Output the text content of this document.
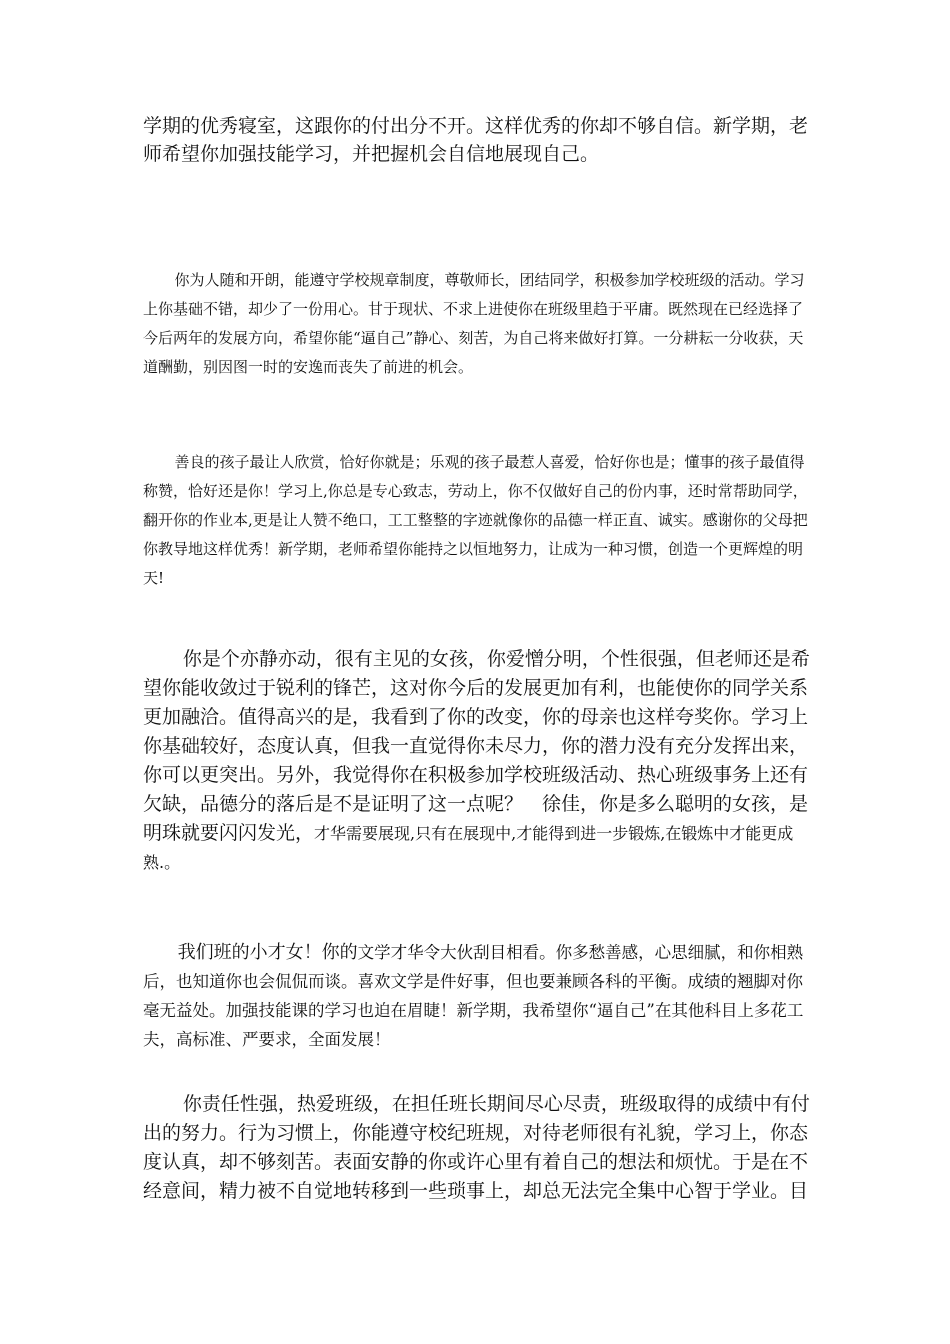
学期的优秀寝室，这跟你的付出分不开。这样优秀的你却不够自信。新学期，老师希望你加强技能学习，并把握机会自信地展现自己。

你为人随和开朗，能遵守学校规章制度，尊敬师长，团结同学，积极参加学校班级的活动。学习上你基础不错，却少了一份用心。甘于现状、不求上进使你在班级里趋于平庸。既然现在已经选择了今后两年的发展方向，希望你能“逼自己”静心、刻苦，为自己将来做好打算。一分耕耘一分收获，天道酬勤，别因图一时的安逸而丧失了前进的机会。

善良的孩子最让人欣赏，恰好你就是；乐观的孩子最惹人喜爱，恰好你也是；懂事的孩子最值得称赞，恰好还是你！学习上,你总是专心致志，劳动上，你不仅做好自己的份内事，还时常帮助同学，翻开你的作业本,更是让人赞不绝口，工工整整的字迹就像你的品德一样正直、诚实。感谢你的父母把你教导地这样优秀！新学期，老师希望你能持之以恒地努力，让成为一种习惯，创造一个更辉煌的明天!

你是个亦静亦动，很有主见的女孩，你爱憎分明，个性很强，但老师还是希望你能收敛过于锐利的锋芒，这对你今后的发展更加有利，也能使你的同学关系更加融洽。值得高兴的是，我看到了你的改变，你的母亲也这样夸奖你。学习上你基础较好，态度认真，但我一直觉得你未尽力，你的潜力没有充分发挥出来，你可以更突出。另外，我觉得你在积极参加学校班级活动、热心班级事务上还有欠缺，品德分的落后是不是证明了这一点呢？　徐佳，你是多么聪明的女孩，是明珠就要闪闪发光，才华需要展现,只有在展现中,才能得到进一步锻炼,在锻炼中才能更成熟.。

我们班的小才女！你的文学才华令大伙刮目相看。你多愁善感，心思细腻，和你相熟后，也知道你也会侃侃而谈。喜欢文学是件好事，但也要兼顾各科的平衡。成绩的翘脚对你毫无益处。加强技能课的学习也迫在眉睫！新学期，我希望你“逼自己”在其他科目上多花工夫，高标准、严要求，全面发展！

你责任性强，热爱班级，在担任班长期间尽心尽责，班级取得的成绩中有付出的努力。行为习惯上，你能遵守校纪班规，对待老师很有礼貌，学习上，你态度认真，却不够刻苦。表面安静的你或许心里有着自己的想法和烦忧。于是在不经意间，精力被不自觉地转移到一些琐事上，却总无法完全集中心智于学业。目
